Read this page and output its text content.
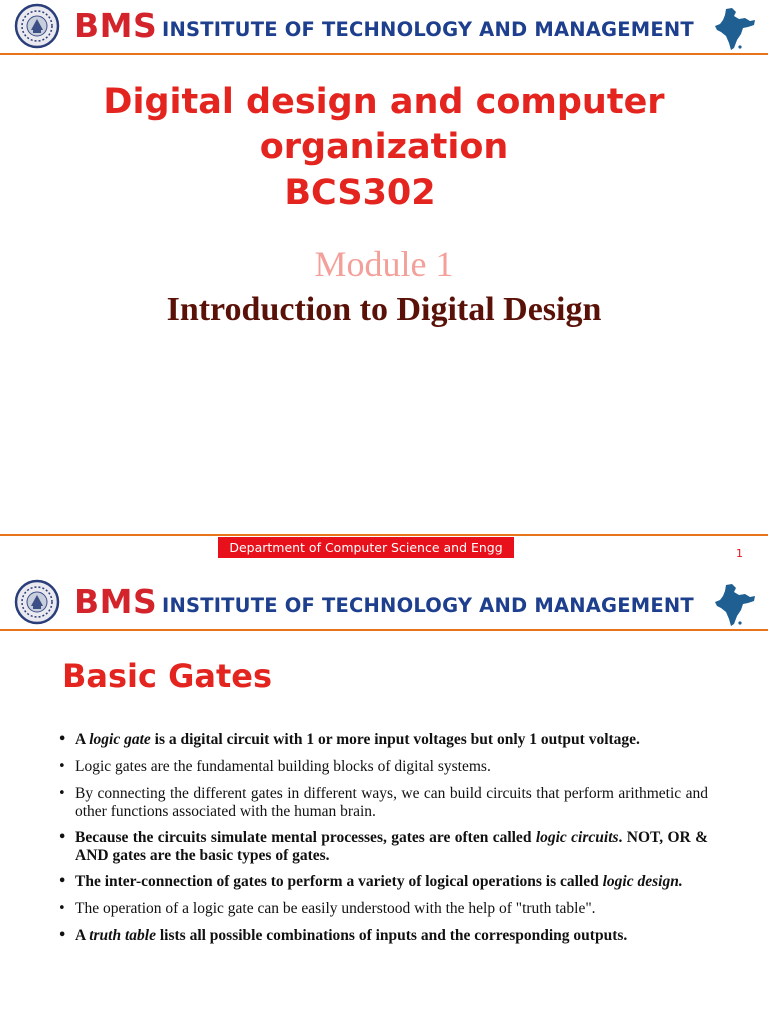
BMS INSTITUTE OF TECHNOLOGY AND MANAGEMENT
Digital design and computer
organization
BCS302
Module 1
Introduction to Digital Design
Department of Computer Science and Engg	1
BMS INSTITUTE OF TECHNOLOGY AND MANAGEMENT
Basic Gates
• A logic gate is a digital circuit with 1 or more input voltages but only 1 output voltage.
• Logic gates are the fundamental building blocks of digital systems.
• By connecting the different gates in different ways, we can build circuits that perform arithmetic and other functions associated with the human brain.
• Because the circuits simulate mental processes, gates are often called logic circuits. NOT, OR & AND gates are the basic types of gates.
• The inter-connection of gates to perform a variety of logical operations is called logic design.
• The operation of a logic gate can be easily understood with the help of "truth table".
• A truth table lists all possible combinations of inputs and the corresponding outputs.
